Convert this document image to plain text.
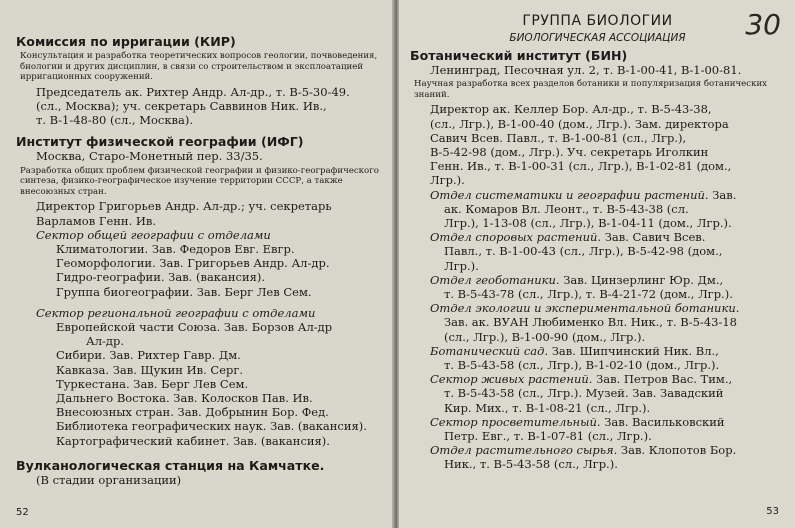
Комиссия по ирригации (КИР)

Консультация и разработка теоретических вопросов геологии, почвоведения, биологии и других дисциплин, в связи со строительством и эксплоатацией ирригационных сооружений.

Председатель ак. Рихтер Андр. Ал-др., т. В-5-30-49.

(сл., Москва); уч. секретарь Саввинов Ник. Ив.,

т. В-1-48-80 (сл., Москва).

Институт физической географии (ИФГ)

Москва, Старо-Монетный пер. 33/35.

Разработка общих проблем физической географии и физико-географического синтеза, физико-географическое изучение территории СССР, а также внесоюзных стран.

Директор Григорьев Андр. Ал-др.; уч. секретарь

Варламов Генн. Ив.

Сектор общей географии с отделами

Климатологии. Зав. Федоров Евг. Евгр.

Геоморфологии. Зав. Григорьев Андр. Ал-др.

Гидро-географии. Зав. (вакансия).

Группа биогеографии. Зав. Берг Лев Сем.

Сектор региональной географии с отделами

Европейской части Союза. Зав. Борзов Ал-др

Ал-др.

Сибири. Зав. Рихтер Гавр. Дм.

Кавказа. Зав. Щукин Ив. Серг.

Туркестана. Зав. Берг Лев Сем.

Дальнего Востока. Зав. Колосков Пав. Ив.

Внесоюзных стран. Зав. Добрынин Бор. Фед.

Библиотека географических наук. Зав. (вакансия).

Картографический кабинет. Зав. (вакансия).

Вулканологическая станция на Камчатке.

(В стадии организации)

52
30

ГРУППА БИОЛОГИИ

БИОЛОГИЧЕСКАЯ АССОЦИАЦИЯ

Ботанический институт (БИН)

Ленинград, Песочная ул. 2, т. В-1-00-41, В-1-00-81.

Научная разработка всех разделов ботаники и популяризация ботанических знаний.

Директор ак. Келлер Бор. Ал-др., т. В-5-43-38,

(сл., Лгр.), В-1-00-40 (дом., Лгр.). Зам. директора

Савич Всев. Павл., т. В-1-00-81 (сл., Лгр.),

В-5-42-98 (дом., Лгр.). Уч. секретарь Иголкин

Генн. Ив., т. В-1-00-31 (сл., Лгр.), В-1-02-81 (дом.,

Лгр.).

Отдел систематики и географии растений. Зав.

ак. Комаров Вл. Леонт., т. В-5-43-38 (сл.

Лгр.), 1-13-08 (сл., Лгр.), В-1-04-11 (дом., Лгр.).

Отдел споровых растений. Зав. Савич Всев.

Павл., т. В-1-00-43 (сл., Лгр.), В-5-42-98 (дом.,

Лгр.).

Отдел геоботаники. Зав. Цинзерлинг Юр. Дм.,

т. В-5-43-78 (сл., Лгр.), т. В-4-21-72 (дом., Лгр.).

Отдел экологии и экспериментальной ботаники.

Зав. ак. ВУАН Любименко Вл. Ник., т. В-5-43-18

(сл., Лгр.), В-1-00-90 (дом., Лгр.).

Ботанический сад. Зав. Шипчинский Ник. Вл.,

т. В-5-43-58 (сл., Лгр.), В-1-02-10 (дом., Лгр.).

Сектор живых растений. Зав. Петров Вас. Тим.,

т. В-5-43-58 (сл., Лгр.). Музей. Зав. Завадский

Кир. Мих., т. В-1-08-21 (сл., Лгр.).

Сектор просветительный. Зав. Васильковский

Петр. Евг., т. В-1-07-81 (сл., Лгр.).

Отдел растительного сырья. Зав. Клопотов Бор.

Ник., т. В-5-43-58 (сл., Лгр.).

53
